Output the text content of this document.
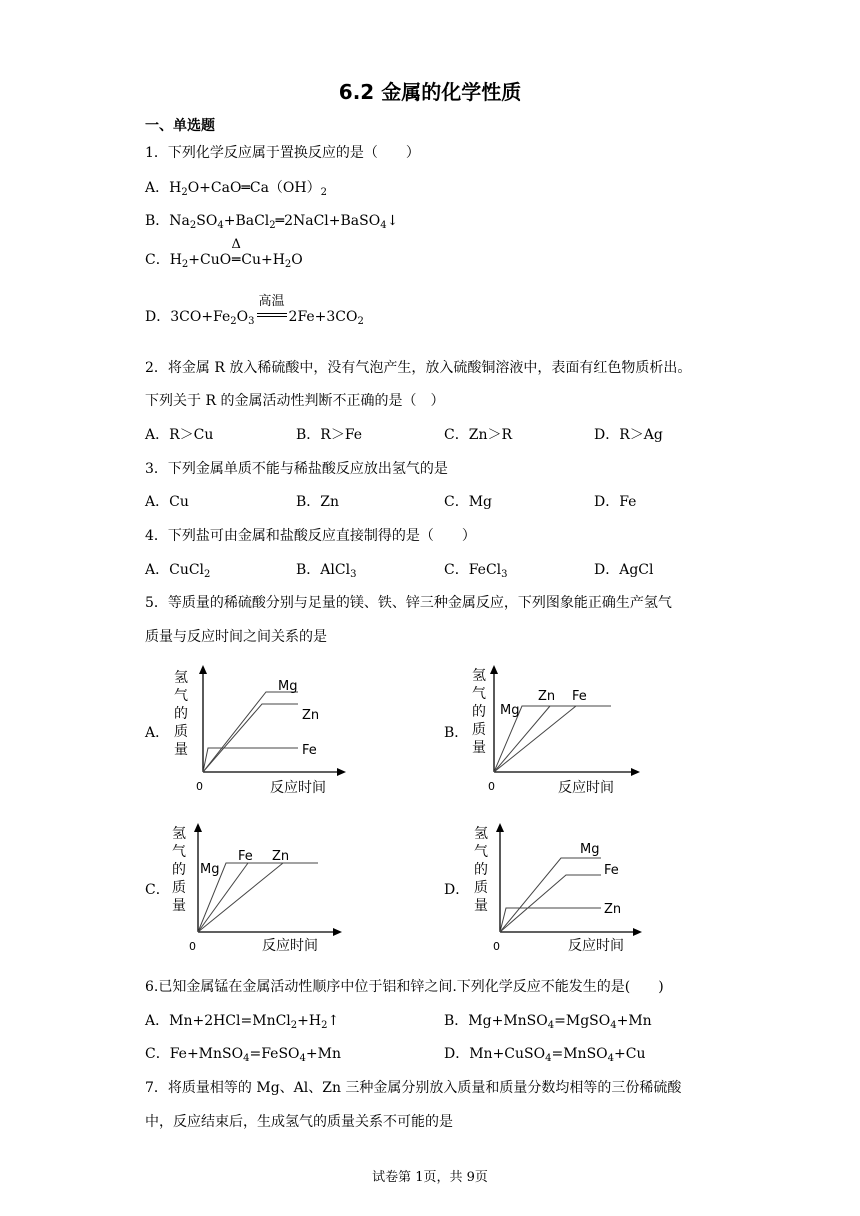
6.2 金属的化学性质
一、单选题
1．下列化学反应属于置换反应的是（　　）
A．$H_2O+CaO═Ca(OH)_2$
B．$Na_2SO_4+BaCl_2═2NaCl+BaSO_4↓$
C．$H_2+CuO$
Δ
$═Cu+H_2O$
D．$3CO+Fe_2O_3$
高温
$2Fe+3CO_2$
2．将金属 R 放入稀硫酸中，没有气泡产生，放入硫酸铜溶液中，表面有红色物质析出。
下列关于 R 的金属活动性判断不正确的是（　）
A．R＞Cu	B．R＞Fe	C．Zn＞R	D．R＞Ag
3．下列金属单质不能与稀盐酸反应放出氢气的是
A．Cu	B．Zn	C．Mg	D．Fe
4．下列盐可由金属和盐酸反应直接制得的是（　　）
A．CuCl$_2$	B．AlCl$_3$	C．FeCl$_3$	D．AgCl
5．等质量的稀硫酸分别与足量的镁、铁、锌三种金属反应，下列图象能正确生产氢气
质量与反应时间之间关系的是
A．	B．
C．	D．
氢
气
的
质
量
0	反应时间
Mg
Zn
Fe
氢
气
的
质
量
0	反应时间
Mg
Zn Fe
氢
气
的
质
量
0	反应时间
Mg
Fe Zn
氢
气
的
质
量
0	反应时间
Mg
Fe
Zn
6.已知金属锰在金属活动性顺序中位于铝和锌之间.下列化学反应不能发生的是(　　)
A．$Mn+2HCl=MnCl_2+H_2↑$	B．Mg+MnSO$_4$=MgSO$_4$+Mn
C．Fe+MnSO$_4$=FeSO$_4$+Mn	D．Mn+CuSO$_4$=MnSO$_4$+Cu
7．将质量相等的 Mg、Al、Zn 三种金属分别放入质量和质量分数均相等的三份稀硫酸
中，反应结束后，生成氢气的质量关系不可能的是
试卷第 1页，共 9页
